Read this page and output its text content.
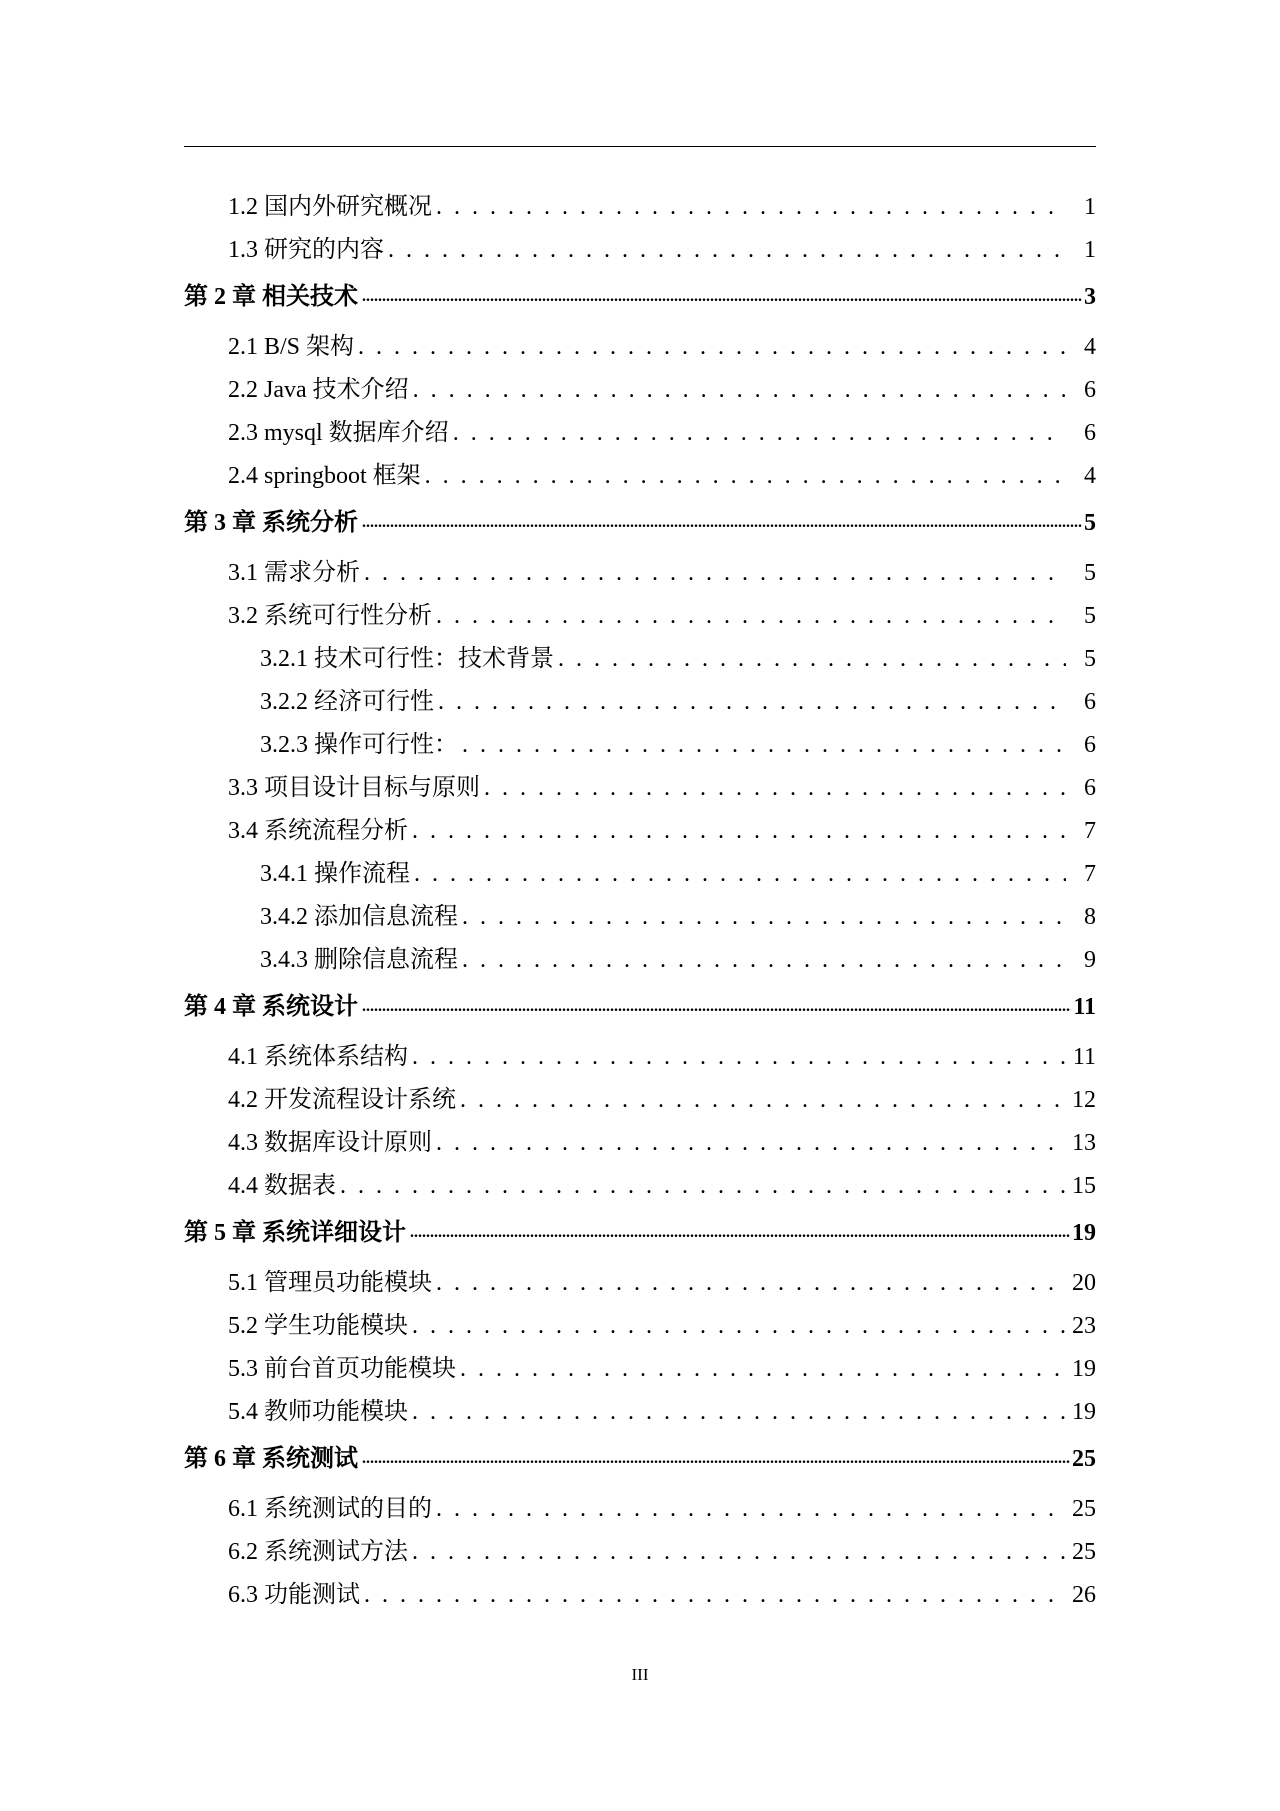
1.2 国内外研究概况 . . .	1
1.3 研究的内容 . . .	1
第 2 章 相关技术 .....	3
2.1 B/S 架构 . . .	4
2.2 Java 技术介绍 . . .	6
2.3 mysql 数据库介绍 . . .	6
2.4 springboot 框架 . . .	4
第 3 章 系统分析 .....	5
3.1 需求分析 . . .	5
3.2 系统可行性分析 . . .	5
3.2.1 技术可行性：技术背景 . . .	5
3.2.2 经济可行性 . . .	6
3.2.3 操作可行性： . . .	6
3.3 项目设计目标与原则 . . .	6
3.4 系统流程分析 . . .	7
3.4.1 操作流程 . . .	7
3.4.2 添加信息流程 . . .	8
3.4.3 删除信息流程 . . .	9
第 4 章 系统设计 .....	11
4.1 系统体系结构 . . .	11
4.2 开发流程设计系统 . . .	12
4.3 数据库设计原则 . . .	13
4.4 数据表 . . .	15
第 5 章 系统详细设计 .....	19
5.1 管理员功能模块 . . .	20
5.2 学生功能模块 . . .	23
5.3 前台首页功能模块 . . .	19
5.4 教师功能模块 . . .	19
第 6 章 系统测试 .....	25
6.1 系统测试的目的 . . .	25
6.2 系统测试方法 . . .	25
6.3 功能测试 . . .	26
III
